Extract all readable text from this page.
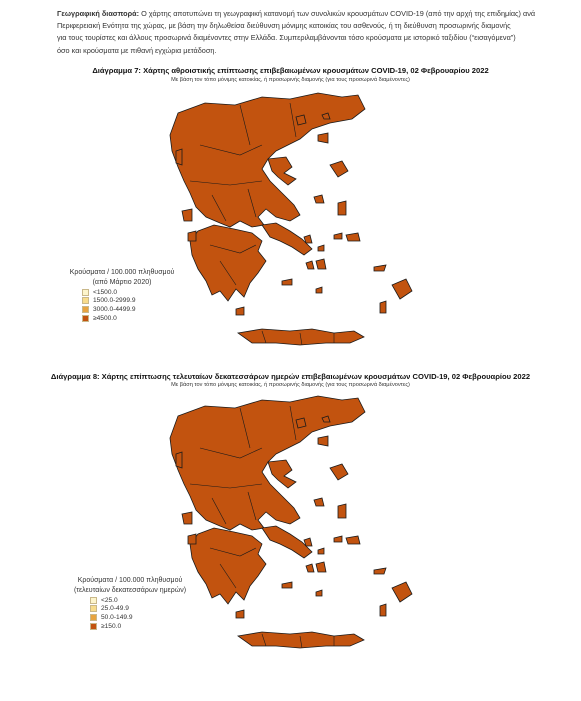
Γεωγραφική διασπορά: Ο χάρτης αποτυπώνει τη γεωγραφική κατανομή των συνολικών κρουσμάτων COVID-19 (από την αρχή της επιδημίας) ανά
Περιφερειακή Ενότητα της χώρας, με βάση την δηλωθείσα διεύθυνση μόνιμης κατοικίας του ασθενούς, ή τη διεύθυνση προσωρινής διαμονής
για τους τουρίστες και άλλους προσωρινά διαμένοντες στην Ελλάδα. Συμπεριλαμβάνονται τόσο κρούσματα με ιστορικό ταξιδίου (“εισαγόμενα”)
όσο και κρούσματα με πιθανή εγχώρια μετάδοση.
Διάγραμμα 7: Χάρτης αθροιστικής επίπτωσης επιβεβαιωμένων κρουσμάτων COVID-19, 02 Φεβρουαρίου 2022
Με βάση τον τόπο μόνιμης κατοικίας, ή προσωρινής διαμονής (για τους προσωρινά διαμένοντες)
Κρούσματα / 100.000 πληθυσμού
(από Μάρτιο 2020)
<1500.0
1500.0-2999.9
3000.0-4499.9
≥4500.0
Διάγραμμα 8: Χάρτης επίπτωσης τελευταίων δεκατεσσάρων ημερών επιβεβαιωμένων κρουσμάτων COVID-19, 02 Φεβρουαρίου 2022
Με βάση τον τόπο μόνιμης κατοικίας, ή προσωρινής διαμονής (για τους προσωρινά διαμένοντες)
Κρούσματα / 100.000 πληθυσμού
(τελευταίων δεκατεσσάρων ημερών)
<25.0
25.0-49.9
50.0-149.9
≥150.0
